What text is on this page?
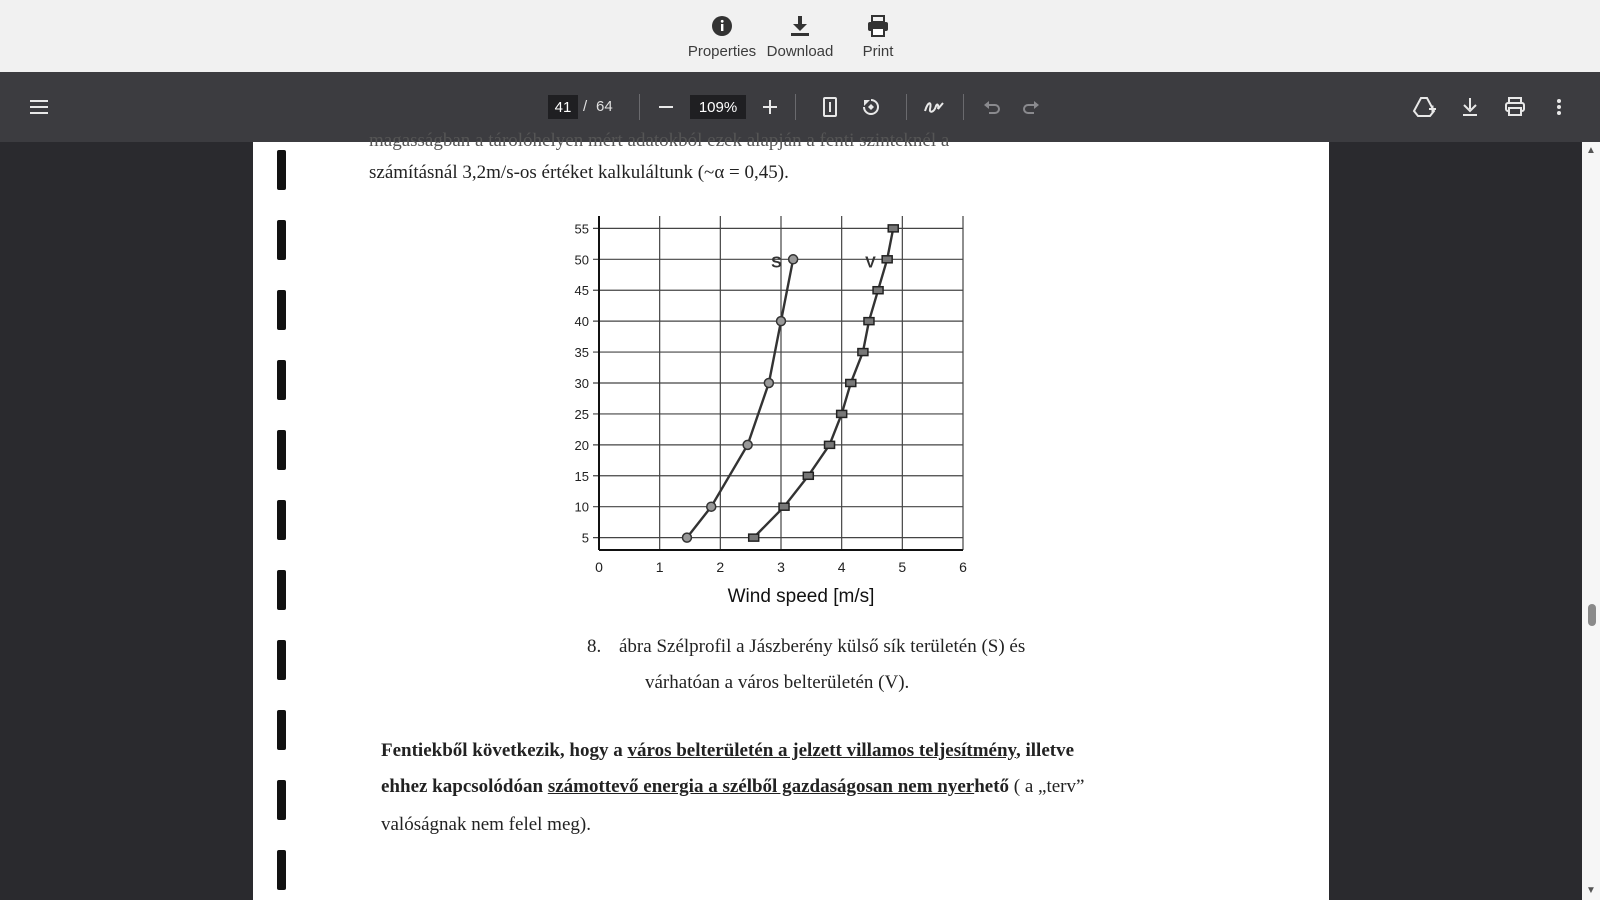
Properties Download Print
41
/ 64
109%
magasságban a tárolóhelyen mért adatokból ezek alapján a fenti szinteknél a
számításnál 3,2m/s-os értéket kalkuláltunk (~α = 0,45).
0	1	2	3	4	5	6
5
10
15
20
25
30
35
40
45
50
55
Wind speed [m/s]
S	V
8. ábra Szélprofil a Jászberény külső sík területén (S) és
várhatóan a város belterületén (V).
Fentiekből következik, hogy a város belterületén a jelzett villamos teljesítmény, illetve
ehhez kapcsolódóan számottevő energia a szélből gazdaságosan nem nyerhető ( a „terv”
valóságnak nem felel meg).
▲
▼
